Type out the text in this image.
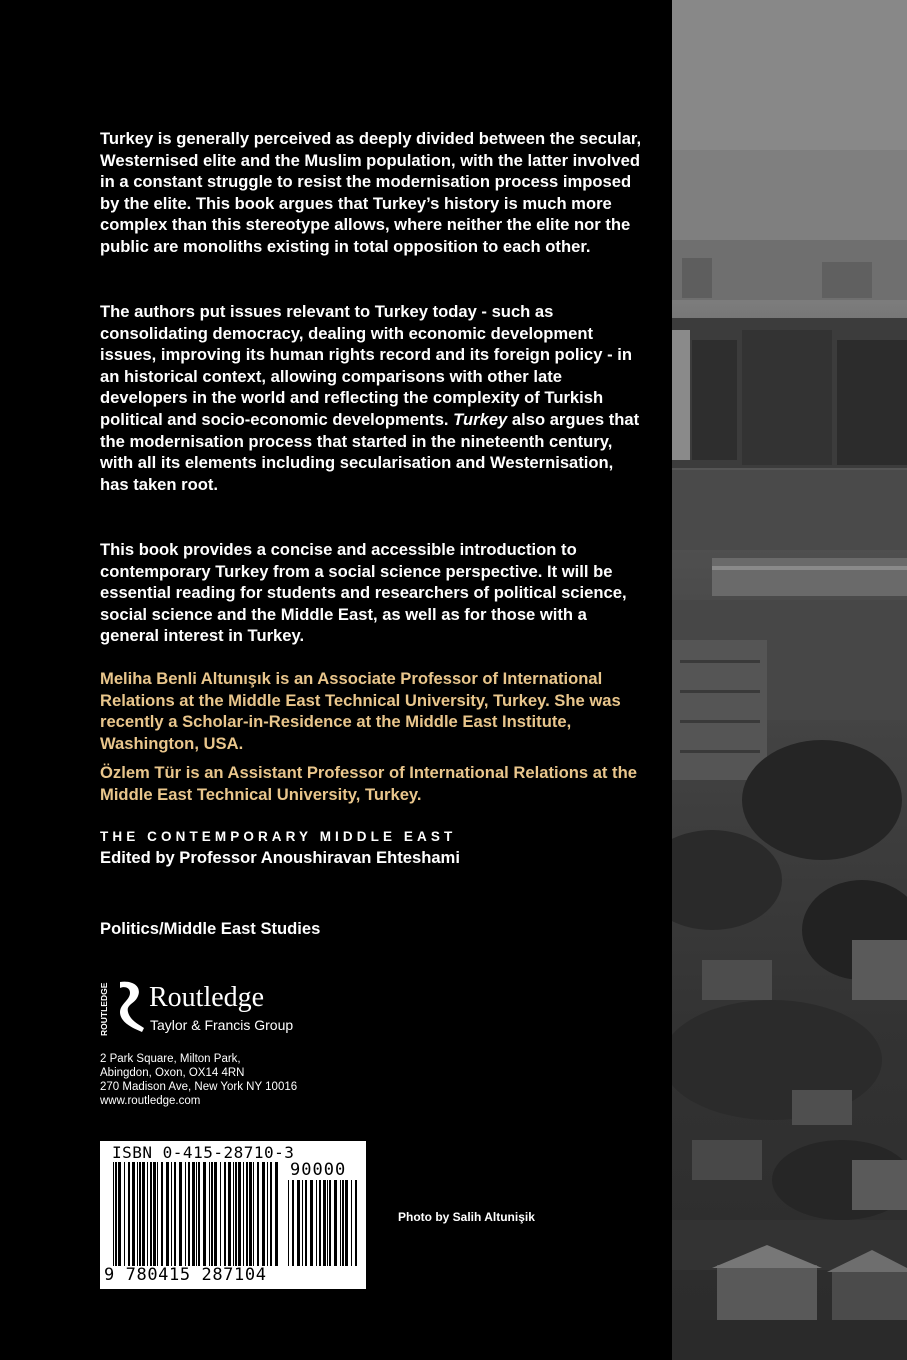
Turkey is generally perceived as deeply divided between the secular, Westernised elite and the Muslim population, with the latter involved in a constant struggle to resist the modernisation process imposed by the elite. This book argues that Turkey’s history is much more complex than this stereotype allows, where neither the elite nor the public are monoliths existing in total opposition to each other.

The authors put issues relevant to Turkey today - such as consolidating democracy, dealing with economic development issues, improving its human rights record and its foreign policy - in an historical context, allowing comparisons with other late developers in the world and reflecting the complexity of Turkish political and socio-economic developments. Turkey also argues that the modernisation process that started in the nineteenth century, with all its elements including secularisation and Westernisation, has taken root.

This book provides a concise and accessible introduction to contemporary Turkey from a social science perspective. It will be essential reading for students and researchers of political science, social science and the Middle East, as well as for those with a general interest in Turkey.

Meliha Benli Altunışık is an Associate Professor of International Relations at the Middle East Technical University, Turkey. She was recently a Scholar-in-Residence at the Middle East Institute, Washington, USA.

Özlem Tür is an Assistant Professor of International Relations at the Middle East Technical University, Turkey.

THE CONTEMPORARY MIDDLE EAST
Edited by Professor Anoushiravan Ehteshami
Politics/Middle East Studies
ROUTLEDGE Routledge
Taylor & Francis Group
2 Park Square, Milton Park,
Abingdon, Oxon, OX14 4RN
270 Madison Ave, New York NY 10016
www.routledge.com
ISBN 0-415-28710-3
90000
9 780415 287104
Photo by Salih Altunişik
